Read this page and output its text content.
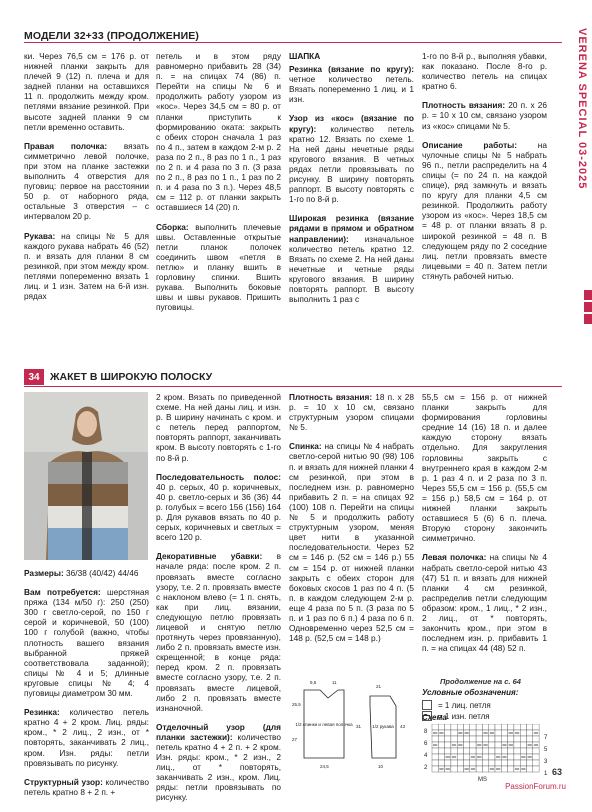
МОДЕЛИ 32+33 (ПРОДОЛЖЕНИЕ)	VERENA SPECIAL 03-2025

ки. Через 76,5 см = 176 р. от нижней планки закрыть для плечей 9 (12) п. плеча и для задней планки на оставшихся 11 п. продолжить между кром. петлями вязание резинкой. При высоте задней планки 9 см петли временно оставить.

Правая полочка: вязать симметрично левой полочке, при этом на планке застежки выполнить 4 отверстия для пуговиц: первое на расстоянии 50 р. от наборного ряда, остальные 3 отверстия – с интервалом 20 р.

Рукава: на спицы № 5 для каждого рукава набрать 46 (52) п. и вязать для планки 8 см резинкой, при этом между кром. петлями попеременно вязать 1 лиц. и 1 изн. Затем на 6-й изн. рядах

петель и в этом ряду равномерно прибавить 28 (34) п. = на спицах 74 (86) п. Перейти на спицы № 6 и продолжить работу узором из «кос». Через 34,5 см = 80 р. от планки приступить к формированию оката: закрыть с обеих сторон сначала 1 раз по 4 п., затем в каждом 2-м р. 2 раза по 2 п., 8 раз по 1 п., 1 раз по 2 п. и 4 раза по 3 п. (3 раза по 2 п., 8 раз по 1 п., 1 раз по 2 п. и 4 раза по 3 п.). Через 48,5 см = 112 р. от планки закрыть оставшиеся 14 (20) п.

Сборка: выполнить плечевые швы. Оставленные открытые петли планок полочек соединить швом «петля в петлю» и планку вшить в горловину спинки. Вшить рукава. Выполнить боковые швы и швы рукавов. Пришить пуговицы.

ШАПКА

Резинка (вязание по кругу): четное количество петель. Вязать попеременно 1 лиц. и 1 изн.

Узор из «кос» (вязание по кругу): количество петель кратно 12. Вязать по схеме 1. На ней даны нечетные ряды кругового вязания. В четных рядах петли провязывать по рисунку. В ширину повторять раппорт. В высоту повторять с 1-го по 8-й р.

Широкая резинка (вязание рядами в прямом и обратном направлении): изначальное количество петель кратно 12. Вязать по схеме 2. На ней даны нечетные и четные ряды кругового вязания. В ширину повторять раппорт. В высоту выполнить 1 раз с

1-го по 8-й р., выполняя убавки, как показано. После 8-го р. количество петель на спицах кратно 6.

Плотность вязания: 20 п. x 26 р. = 10 x 10 см, связано узором из «кос» спицами № 5.

Описание работы: на чулочные спицы № 5 набрать 96 п., петли распределить на 4 спицы (= по 24 п. на каждой спице), ряд замкнуть и вязать по кругу для планки 4,5 см резинкой. Продолжить работу узором из «кос». Через 18,5 см = 48 р. от планки вязать 8 р. широкой резинкой = 48 п. В следующем ряду по 2 соседние лиц. петли провязать вместе лицевыми = 40 п. Затем петли стянуть рабочей нитью.

34 ЖАКЕТ В ШИРОКУЮ ПОЛОСКУ

Размеры: 36/38 (40/42) 44/46

Вам потребуется: шерстяная пряжа (134 м/50 г): 250 (250) 300 г светло-серой, по 150 г серой и коричневой, 50 (100) 100 г голубой (важно, чтобы плотность вашего вязания выбранной пряжей соответствовала заданной); спицы № 4 и 5; длинные круговые спицы № 4; 4 пуговицы диаметром 30 мм.

Резинка: количество петель кратно 4 + 2 кром. Лиц. ряды: кром., * 2 лиц., 2 изн., от * повторять, заканчивать 2 лиц., кром. Изн. ряды: петли провязывать по рисунку.

Структурный узор: количество петель кратно 8 + 2 п. +

2 кром. Вязать по приведенной схеме. На ней даны лиц. и изн. р. В ширину начинать с кром. и с петель перед раппортом, повторять раппорт, заканчивать кром. В высоту повторять с 1-го по 8-й р.

Последовательность полос: 40 р. серых, 40 р. коричневых, 40 р. светло-серых и 36 (36) 44 р. голубых = всего 156 (156) 164 р. Для рукавов вязать по 40 р. серых, коричневых и светлых = всего 120 р.

Декоративные убавки: в начале ряда: после кром. 2 п. провязать вместе согласно узору, т.е. 2 п. провязать вместе с наклоном влево (= 1 п. снять, как при лиц. вязании, следующую петлю провязать лицевой и снятую петлю протянуть через провязанную), либо 2 п. провязать вместе изн. скрещенной; в конце ряда: перед кром. 2 п. провязать вместе согласно узору, т.е. 2 п. провязать вместе лицевой, либо 2 п. провязать вместе изнаночной.

Отделочный узор (для планки застежки): количество петель кратно 4 + 2 п. + 2 кром. Изн. ряды: кром., * 2 изн., 2 лиц., от * повторять, заканчивать 2 изн., кром. Лиц. ряды: петли провязывать по рисунку.

Плотность вязания: 18 п. x 28 р. = 10 x 10 см, связано структурным узором спицами № 5.

Спинка: на спицы № 4 набрать светло-серой нитью 90 (98) 106 п. и вязать для нижней планки 4 см резинкой, при этом в последнем изн. р. равномерно прибавить 2 п. = на спицах 92 (100) 108 п. Перейти на спицы № 5 и продолжить работу структурным узором, меняя цвет нити в указанной последовательности. Через 52 см = 146 р. (52 см = 146 р.) 55 см = 154 р. от нижней планки закрыть с обеих сторон для боковых скосов 1 раз по 4 п. (5 п. в каждом следующем 2-м р. еще 4 раза по 5 п. (3 раза по 5 п. и 1 раз по 6 п.) 4 раза по 6 п. Одновременно через 52,5 см = 148 р. (52,5 см = 148 р.)

55,5 см = 156 р. от нижней планки закрыть для формирования горловины средние 14 (16) 18 п. и далее каждую сторону вязать отдельно. Для закругления горловины закрыть с внутреннего края в каждом 2-м р. 1 раз 4 п. и 2 раза по 3 п. Через 55,5 см = 156 р. (55,5 см = 156 р.) 58,5 см = 164 р. от нижней планки закрыть оставшиеся 5 (6) 6 п. плеча. Вторую сторону закончить симметрично.

Левая полочка: на спицы № 4 набрать светло-серой нитью 43 (47) 51 п. и вязать для нижней планки 4 см резинкой, распределив петли следующим образом: кром., 1 лиц., * 2 изн., 2 лиц., от * повторять, закончить кром., при этом в последнем изн. р. прибавить 1 п. = на спицах 44 (48) 52 п.

Продолжение на с. 64
1/2 спинки и левая полочка	1/2 рукава
9,5	11
25,5
27
24,5
21
43
31
10
Условные обозначения:
= 1 лиц. петля
= 1 изн. петля
Схема
8
6
4
2
7
5
3
1
MS
63
PassionForum.ru
